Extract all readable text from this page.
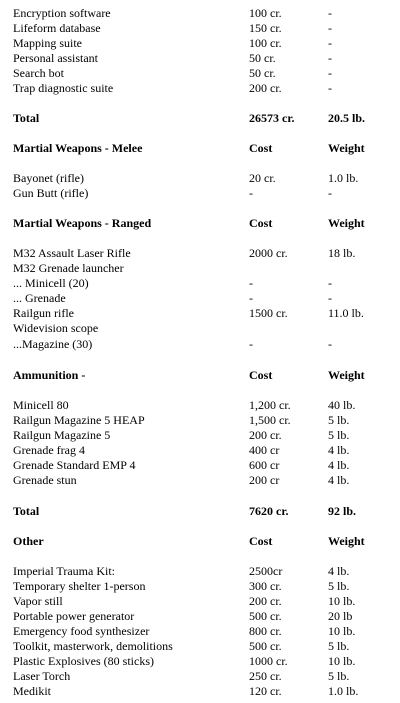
Encryption software	100 cr.	-
Lifeform database	150 cr.	-
Mapping suite	100 cr.	-
Personal assistant	50 cr.	-
Search bot	50 cr.	-
Trap diagnostic suite	200 cr.	-
Total	26573 cr.	20.5 lb.
Martial Weapons - Melee	Cost	Weight
Bayonet (rifle)	20 cr.	1.0 lb.
Gun Butt (rifle)	-	-
Martial Weapons - Ranged	Cost	Weight
M32 Assault Laser Rifle	2000 cr.	18 lb.
M32 Grenade launcher
... Minicell (20)	-	-
... Grenade	-	-
Railgun rifle	1500 cr.	11.0 lb.
Widevision scope
...Magazine (30)	-	-
Ammunition -	Cost	Weight
Minicell 80	1,200 cr.	40 lb.
Railgun Magazine 5 HEAP	1,500 cr.	5 lb.
Railgun Magazine 5	200 cr.	5 lb.
Grenade frag 4	400 cr	4 lb.
Grenade Standard EMP 4	600 cr	4 lb.
Grenade stun	200 cr	4 lb.
Total	7620 cr.	92 lb.
Other	Cost	Weight
Imperial Trauma Kit:	2500cr	4 lb.
Temporary shelter 1-person	300 cr.	5 lb.
Vapor still	200 cr.	10 lb.
Portable power generator	500 cr.	20 lb
Emergency food synthesizer	800 cr.	10 lb.
Toolkit, masterwork, demolitions	500 cr.	5 lb.
Plastic Explosives (80 sticks)	1000 cr.	10 lb.
Laser Torch	250 cr.	5 lb.
Medikit	120 cr.	1.0 lb.
